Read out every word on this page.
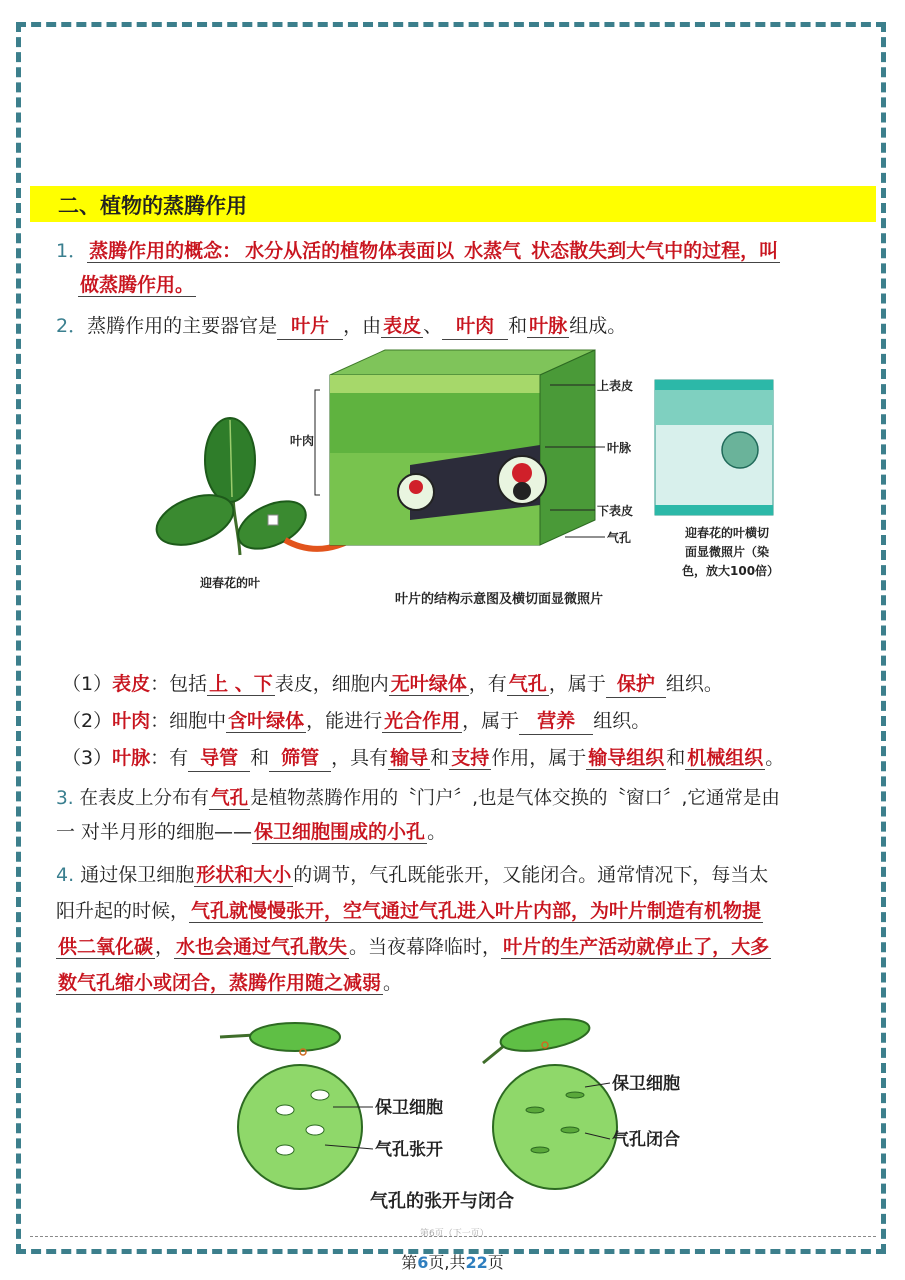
二、植物的蒸腾作用
1． 蒸腾作用的概念： 水分从活的植物体表面以 水蒸气 状态散失到大气中的过程，叫
做蒸腾作用。
2．蒸腾作用的主要器官是 叶片 ，由 表皮 、 叶肉 和 叶脉 组成。
迎春花的叶
叶肉
上表皮
叶脉
下表皮
气孔	迎春花的叶横切
面显微照片（染
色，放大100倍）
叶片的结构示意图及横切面显微照片
（1）表皮：包括 上 、下 表皮，细胞内 无叶绿体 ，有 气孔 ，属于 保护 组织。
（2）叶肉：细胞中 含叶绿体 ，能进行 光合作用 ，属于 营养 组织。
（3）叶脉：有 导管 和 筛管 ，具有 输导 和 支持 作用，属于 输导组织 和 机械组织 。
3. 在表皮上分布有 气孔 是植物蒸腾作用的〝门户〞,也是气体交换的〝窗口〞,它通常是由
一 对半月形的细胞—— 保卫细胞围成的小孔 。
4. 通过保卫细胞 形状和大小 的调节，气孔既能张开，又能闭合。通常情况下，每当太
阳升起的时候， 气孔就慢慢张开，空气通过气孔进入叶片内部，为叶片制造有机物提
供二氧化碳 ， 水也会通过气孔散失 。当夜幕降临时， 叶片的生产活动就停止了，大多
数气孔缩小或闭合，蒸腾作用随之减弱 。
保卫细胞
气孔张开
保卫细胞
气孔闭合
气孔的张开与闭合
第6页（下一页）
第6页,共22页
